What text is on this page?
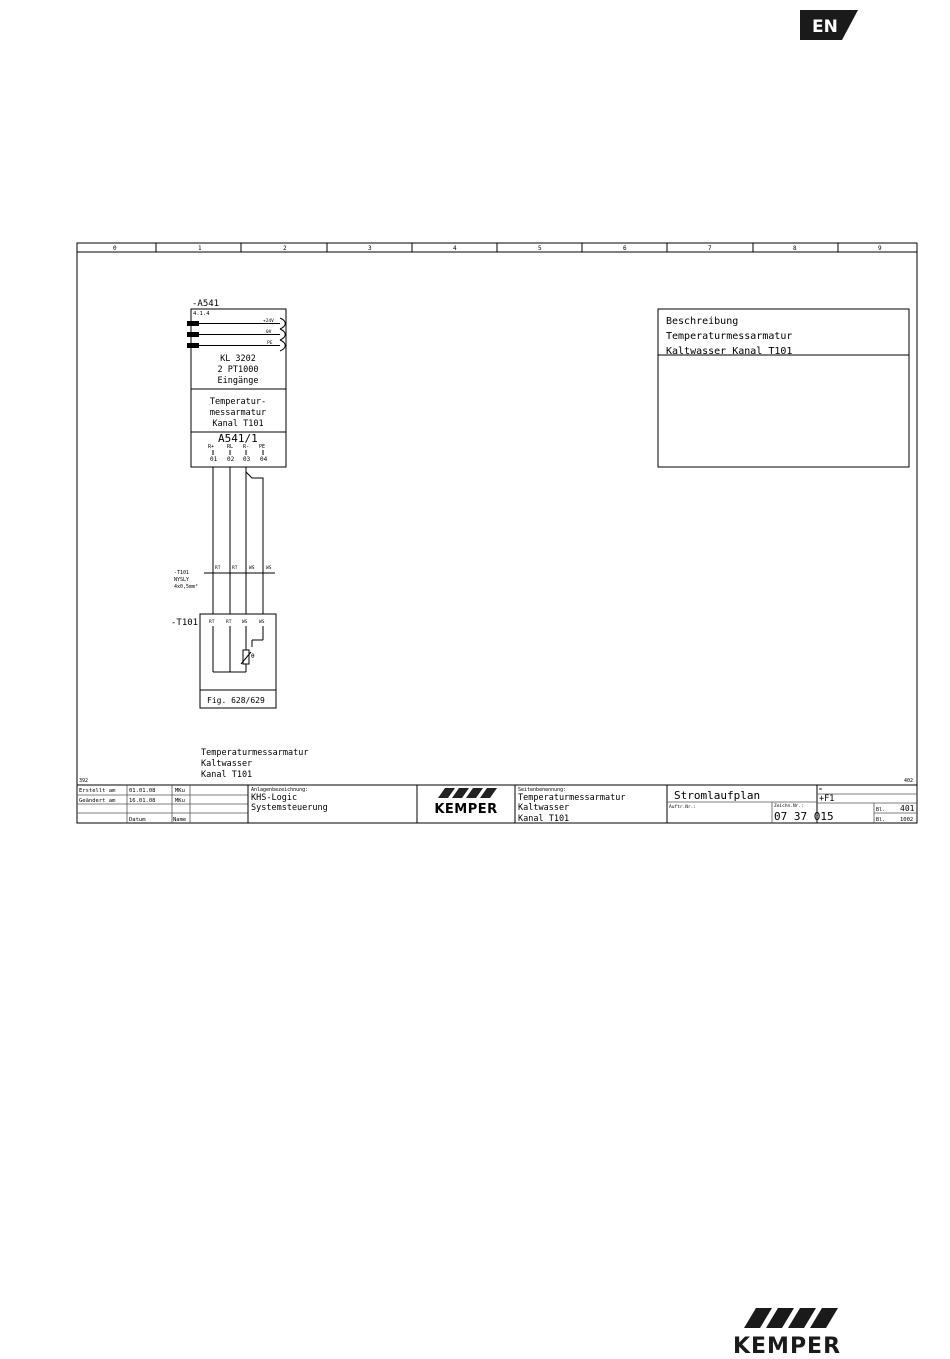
EN
0	1	2	3	4	5	6	7	8	9
-A541
4.1.4
+24V
0V
PE
KL 3202
2 PT1000
Eingänge
Temperatur-
messarmatur
Kanal T101
A541/1
R+	RL R- PE
01 02 03 04
-T101
NYSLY
4x0,5mm²
RT	RT	WS	WS
-T101 RT	RT WS	WS
θ
Fig. 628/629
Temperaturmessarmatur
Kaltwasser
Kanal T101
Beschreibung
Temperaturmessarmatur
Kaltwasser Kanal T101
392	402
Erstellt am 01.01.08	MKu
Geändert am 16.01.08	MKu
Datum	Name
Anlagenbezeichnung:
KHS-Logic
Systemsteuerung	KEMPER
Seitenbenennung:
Temperaturmessarmatur
Kaltwasser
Kanal T101
Stromlaufplan
Auftr.Nr.:	Zeichn.Nr.:
07 37 015
=
+F1
Bl. 401
Bl.	1002
KEMPER
